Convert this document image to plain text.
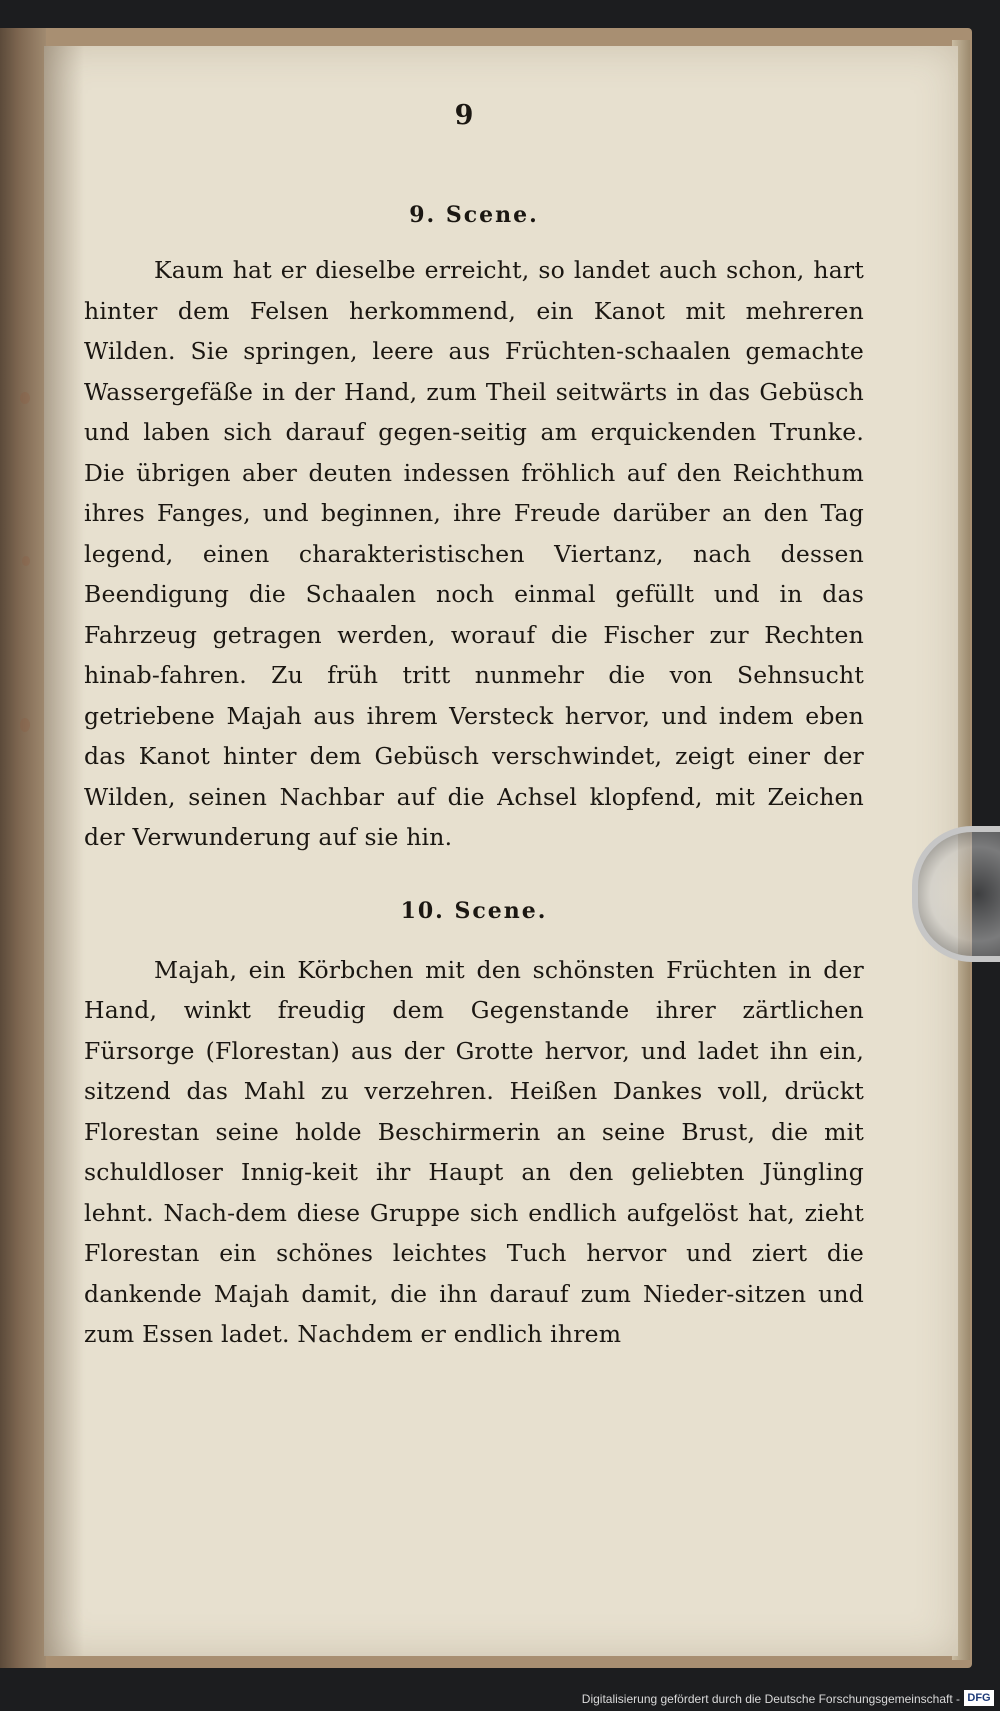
9
9. Scene.

Kaum hat er dieselbe erreicht, so landet auch schon, hart hinter dem Felsen herkommend, ein Kanot mit mehreren Wilden. Sie springen, leere aus Früchten-schaalen gemachte Wassergefäße in der Hand, zum Theil seitwärts in das Gebüsch und laben sich darauf gegen-seitig am erquickenden Trunke. Die übrigen aber deuten indessen fröhlich auf den Reichthum ihres Fanges, und beginnen, ihre Freude darüber an den Tag legend, einen charakteristischen Viertanz, nach dessen Beendigung die Schaalen noch einmal gefüllt und in das Fahrzeug getragen werden, worauf die Fischer zur Rechten hinab-fahren. Zu früh tritt nunmehr die von Sehnsucht getriebene Majah aus ihrem Versteck hervor, und indem eben das Kanot hinter dem Gebüsch verschwindet, zeigt einer der Wilden, seinen Nachbar auf die Achsel klopfend, mit Zeichen der Verwunderung auf sie hin.

10. Scene.

Majah, ein Körbchen mit den schönsten Früchten in der Hand, winkt freudig dem Gegenstande ihrer zärtlichen Fürsorge (Florestan) aus der Grotte hervor, und ladet ihn ein, sitzend das Mahl zu verzehren. Heißen Dankes voll, drückt Florestan seine holde Beschirmerin an seine Brust, die mit schuldloser Innig-keit ihr Haupt an den geliebten Jüngling lehnt. Nach-dem diese Gruppe sich endlich aufgelöst hat, zieht Florestan ein schönes leichtes Tuch hervor und ziert die dankende Majah damit, die ihn darauf zum Nieder-sitzen und zum Essen ladet. Nachdem er endlich ihrem

Digitalisierung gefördert durch die Deutsche Forschungsgemeinschaft - DFG
